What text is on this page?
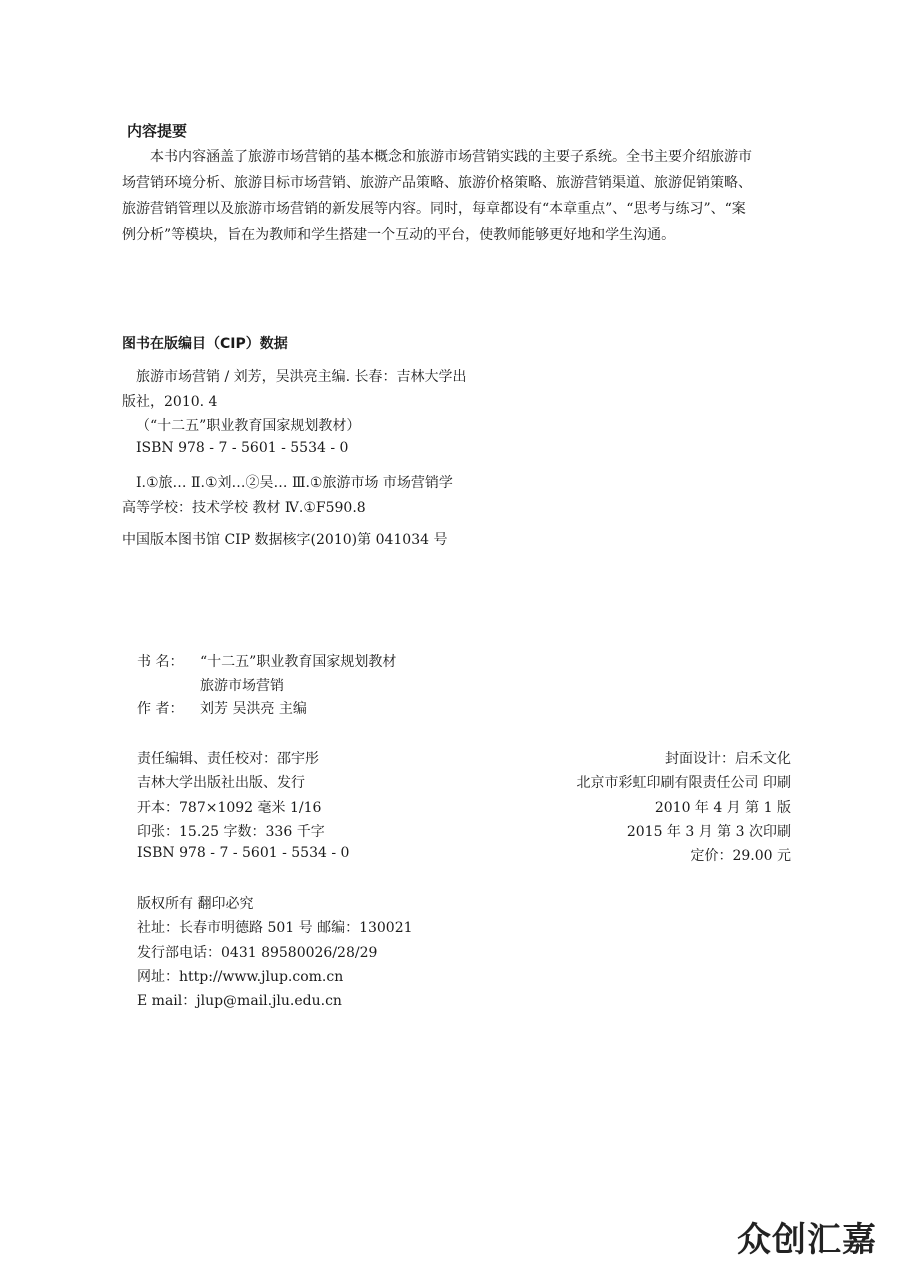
内容提要
本书内容涵盖了旅游市场营销的基本概念和旅游市场营销实践的主要子系统。全书主要介绍旅游市
场营销环境分析、旅游目标市场营销、旅游产品策略、旅游价格策略、旅游营销渠道、旅游促销策略、
旅游营销管理以及旅游市场营销的新发展等内容。同时，每章都设有“本章重点”、“思考与练习”、“案
例分析”等模块，旨在为教师和学生搭建一个互动的平台，使教师能够更好地和学生沟通。
图书在版编目（CIP）数据
旅游市场营销 / 刘芳，吴洪亮主编. 长春：吉林大学出
版社，2010. 4
（“十二五”职业教育国家规划教材）
ISBN 978 - 7 - 5601 - 5534 - 0
Ⅰ.①旅… Ⅱ.①刘…②吴… Ⅲ.①旅游市场 市场营销学
高等学校：技术学校 教材 Ⅳ.①F590.8
中国版本图书馆 CIP 数据核字(2010)第 041034 号
书 名： “十二五”职业教育国家规划教材
旅游市场营销
作 者： 刘芳 吴洪亮 主编
责任编辑、责任校对：邵宇彤
吉林大学出版社出版、发行
开本：787×1092 毫米 1/16
印张：15.25 字数：336 千字
ISBN 978 - 7 - 5601 - 5534 - 0
封面设计：启禾文化
北京市彩虹印刷有限责任公司 印刷
2010 年 4 月 第 1 版
2015 年 3 月 第 3 次印刷
定价：29.00 元
版权所有 翻印必究
社址：长春市明德路 501 号 邮编：130021
发行部电话：0431 89580026/28/29
网址：http://www.jlup.com.cn
E mail：jlup@mail.jlu.edu.cn
众创汇嘉
